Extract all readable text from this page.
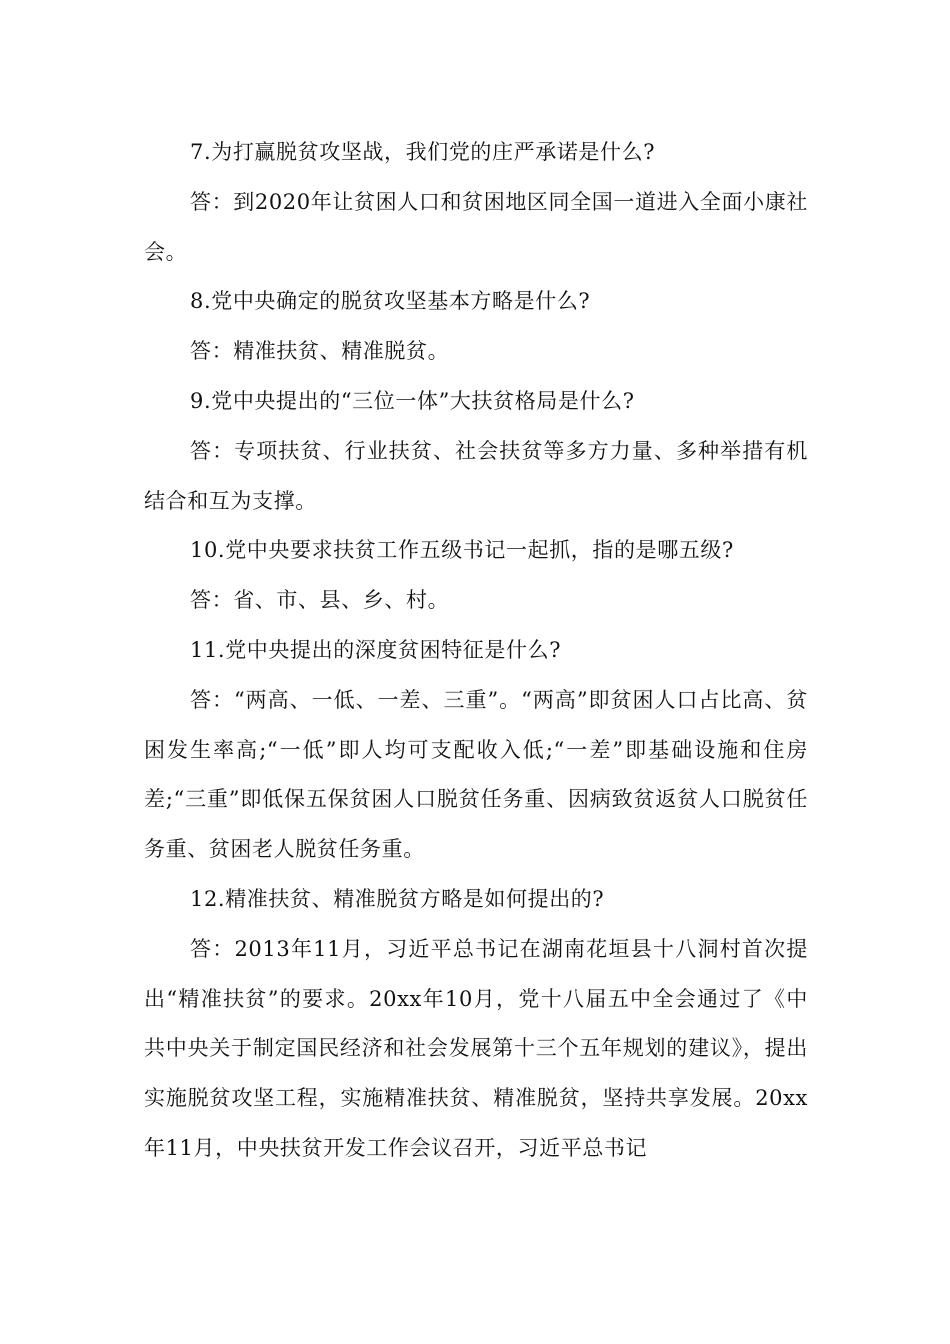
7.为打赢脱贫攻坚战，我们党的庄严承诺是什么?

答：到2020年让贫困人口和贫困地区同全国一道进入全面小康社会。

8.党中央确定的脱贫攻坚基本方略是什么?

答：精准扶贫、精准脱贫。

9.党中央提出的“三位一体”大扶贫格局是什么?

答：专项扶贫、行业扶贫、社会扶贫等多方力量、多种举措有机结合和互为支撑。

10.党中央要求扶贫工作五级书记一起抓，指的是哪五级?

答：省、市、县、乡、村。

11.党中央提出的深度贫困特征是什么?

答：“两高、一低、一差、三重”。“两高”即贫困人口占比高、贫困发生率高;“一低”即人均可支配收入低;“一差”即基础设施和住房差;“三重”即低保五保贫困人口脱贫任务重、因病致贫返贫人口脱贫任务重、贫困老人脱贫任务重。

12.精准扶贫、精准脱贫方略是如何提出的?

答：2013年11月，习近平总书记在湖南花垣县十八洞村首次提出“精准扶贫”的要求。20xx年10月，党十八届五中全会通过了《中共中央关于制定国民经济和社会发展第十三个五年规划的建议》，提出实施脱贫攻坚工程，实施精准扶贫、精准脱贫，坚持共享发展。20xx年11月，中央扶贫开发工作会议召开，习近平总书记
